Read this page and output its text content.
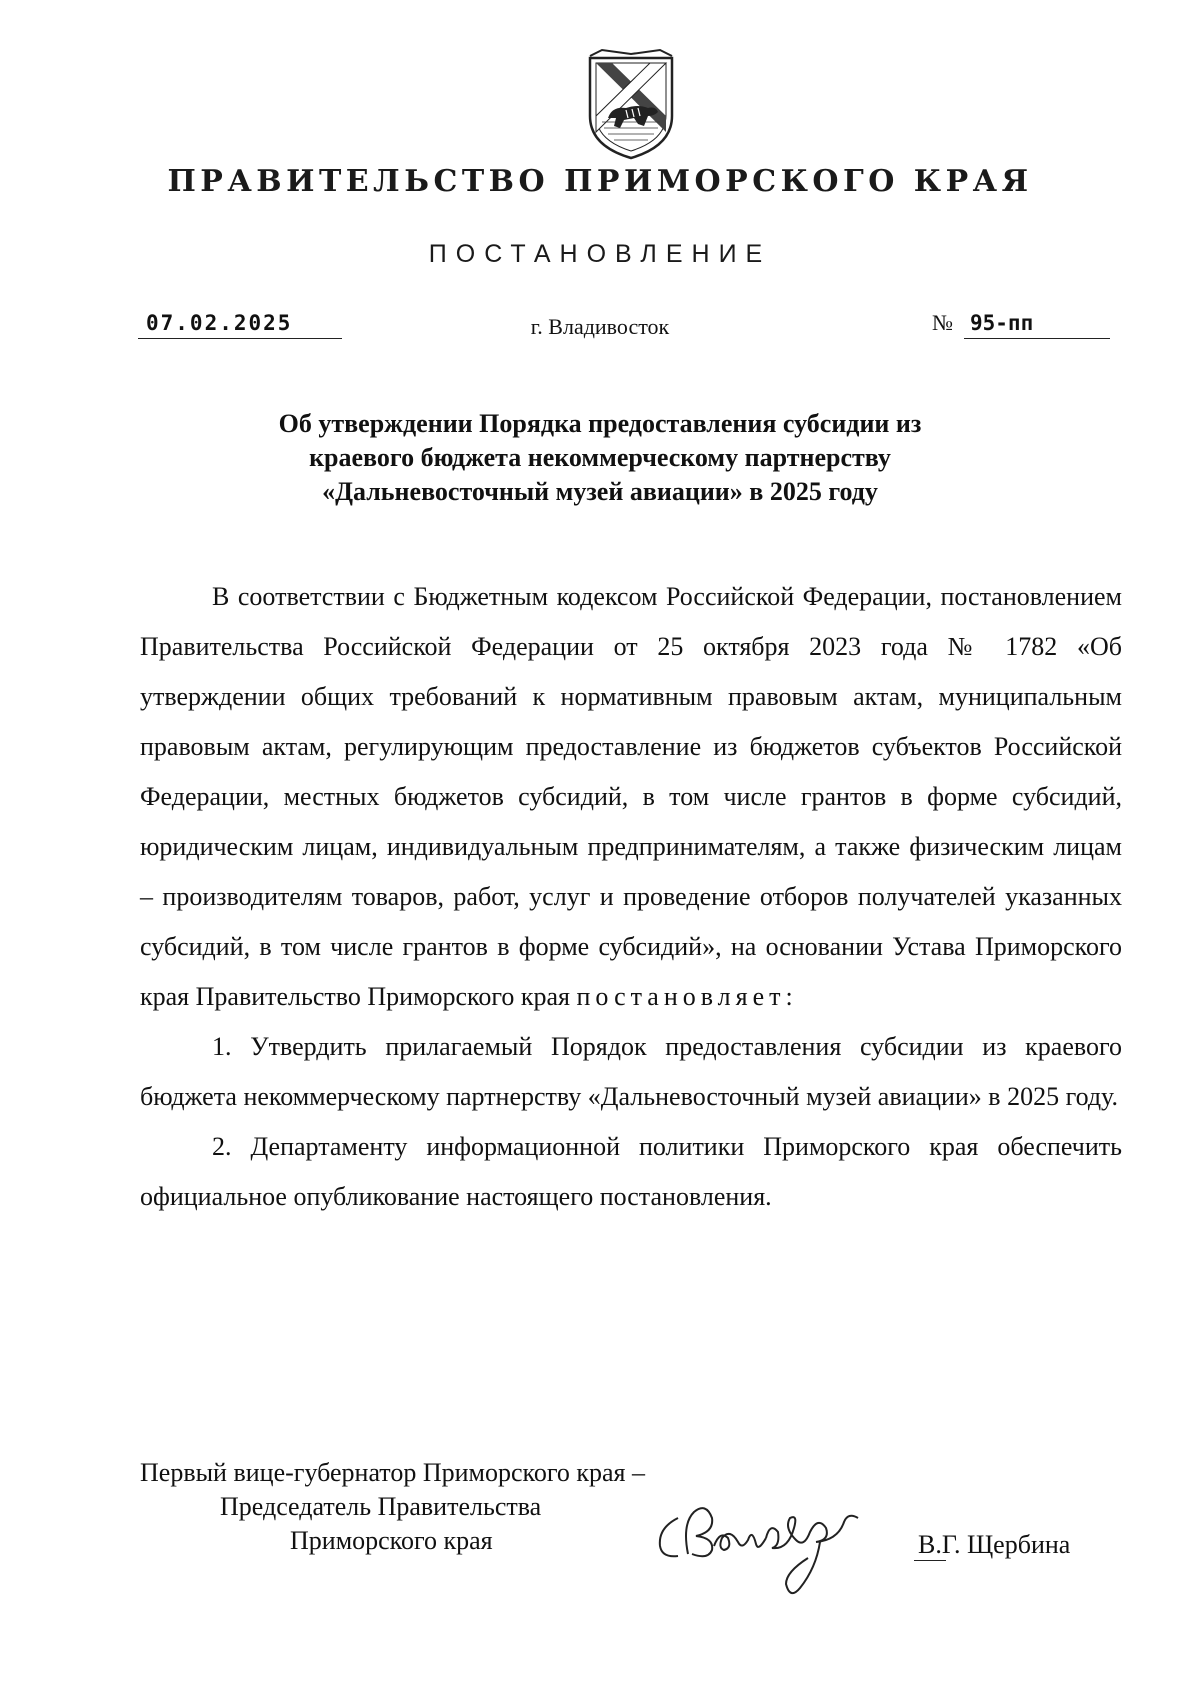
ПРАВИТЕЛЬСТВО ПРИМОРСКОГО КРАЯ
ПОСТАНОВЛЕНИЕ
07.02.2025	г. Владивосток	№ 95-пп
Об утверждении Порядка предоставления субсидии из
краевого бюджета некоммерческому партнерству
«Дальневосточный музей авиации» в 2025 году

В соответствии с Бюджетным кодексом Российской Федерации, постановлением Правительства Российской Федерации от 25 октября 2023 года № 1782 «Об утверждении общих требований к нормативным правовым актам, муниципальным правовым актам, регулирующим предоставление из бюджетов субъектов Российской Федерации, местных бюджетов субсидий, в том числе грантов в форме субсидий, юридическим лицам, индивидуальным предпринимателям, а также физическим лицам – производителям товаров, работ, услуг и проведение отборов получателей указанных субсидий, в том числе грантов в форме субсидий», на основании Устава Приморского края Правительство Приморского края постановляет:

1. Утвердить прилагаемый Порядок предоставления субсидии из краевого бюджета некоммерческому партнерству «Дальневосточный музей авиации» в 2025 году.

2. Департаменту информационной политики Приморского края обеспечить официальное опубликование настоящего постановления.

Первый вице-губернатор Приморского края –
Председатель Правительства
Приморского края	В.Г. Щербина
